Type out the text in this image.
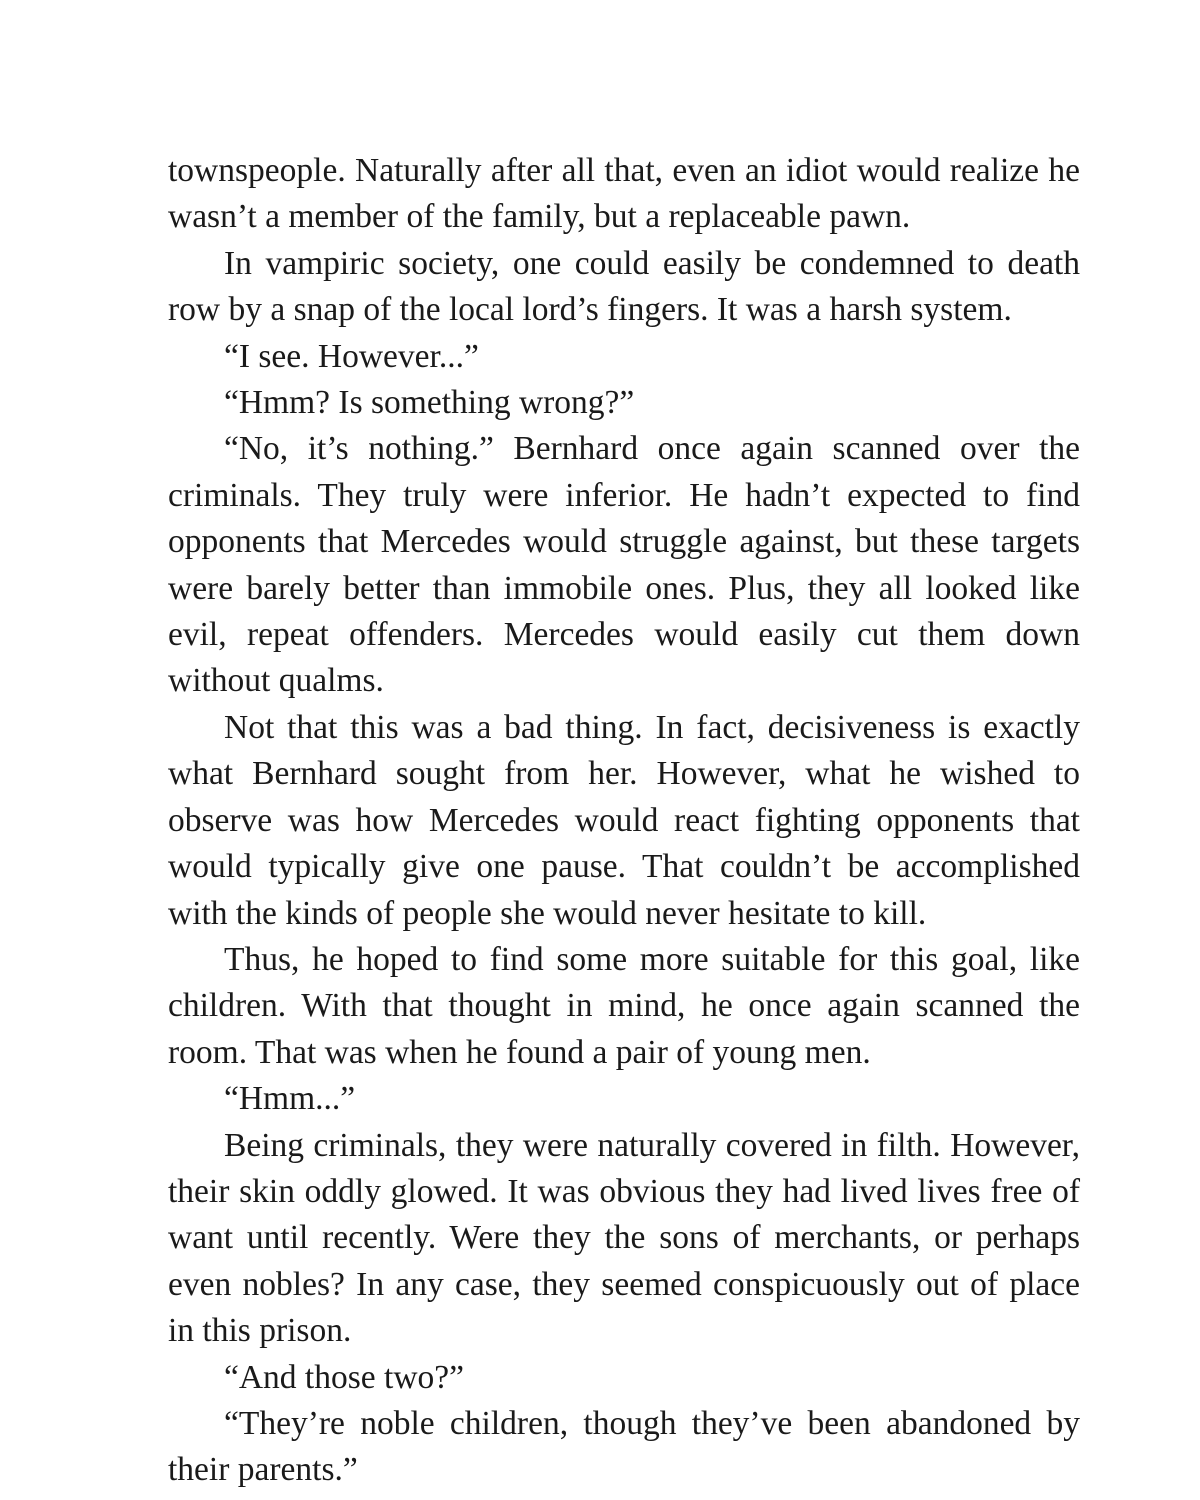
townspeople. Naturally after all that, even an idiot would realize he wasn’t a member of the family, but a replaceable pawn.

In vampiric society, one could easily be condemned to death row by a snap of the local lord’s fingers. It was a harsh system.

“I see. However...”

“Hmm? Is something wrong?”

“No, it’s nothing.” Bernhard once again scanned over the criminals. They truly were inferior. He hadn’t expected to find opponents that Mercedes would struggle against, but these targets were barely better than immobile ones. Plus, they all looked like evil, repeat offenders. Mercedes would easily cut them down without qualms.

Not that this was a bad thing. In fact, decisiveness is exactly what Bernhard sought from her. However, what he wished to observe was how Mercedes would react fighting opponents that would typically give one pause. That couldn’t be accomplished with the kinds of people she would never hesitate to kill.

Thus, he hoped to find some more suitable for this goal, like children. With that thought in mind, he once again scanned the room. That was when he found a pair of young men.

“Hmm...”

Being criminals, they were naturally covered in filth. However, their skin oddly glowed. It was obvious they had lived lives free of want until recently. Were they the sons of merchants, or perhaps even nobles? In any case, they seemed conspicuously out of place in this prison.

“And those two?”

“They’re noble children, though they’ve been abandoned by their parents.”
